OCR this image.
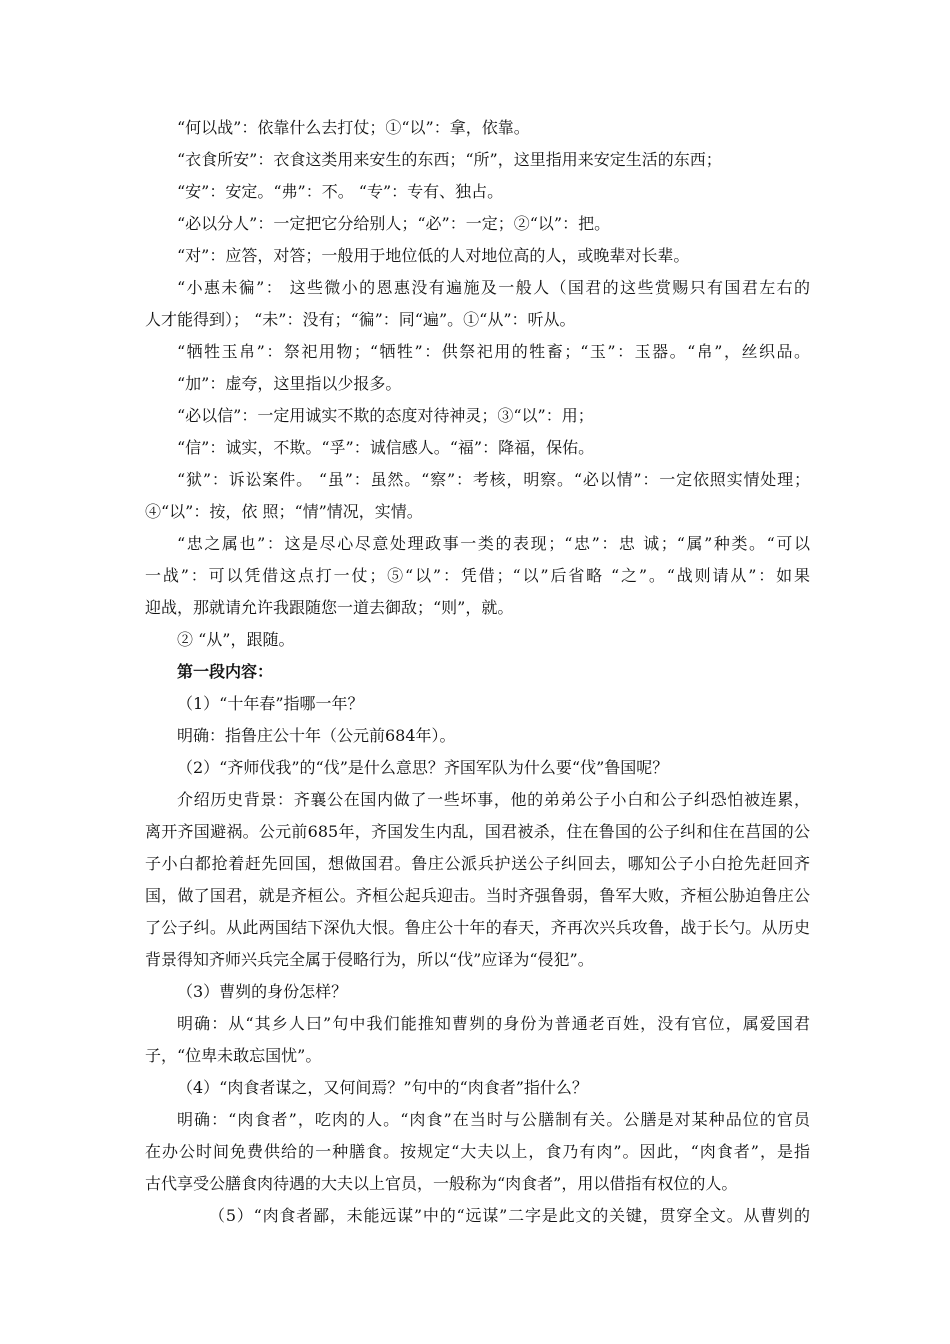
“何以战”：依靠什么去打仗；①“以”：拿，依靠。
“衣食所安”：衣食这类用来安生的东西；“所”，这里指用来安定生活的东西；
“安”：安定。“弗”：不。 “专”：专有、独占。
“必以分人”：一定把它分给别人；“必”：一定；②“以”：把。
“对”：应答，对答；一般用于地位低的人对地位高的人，或晚辈对长辈。
“小惠未徧”： 这些微小的恩惠没有遍施及一般人（国君的这些赏赐只有国君左右的
人才能得到）； “未”：没有；“徧”：同“遍”。①“从”：听从。
“牺牲玉帛”：祭祀用物；“牺牲”：供祭祀用的牲畜；“玉”：玉器。“帛”，丝织品。
“加”：虚夸，这里指以少报多。
“必以信”：一定用诚实不欺的态度对待神灵；③“以”：用；
“信”：诚实，不欺。“孚”：诚信感人。“福”：降福，保佑。
“狱”：诉讼案件。 “虽”：虽然。“察”：考核，明察。“必以情”：一定依照实情处理；
④“以”：按，依 照；“情”情况，实情。
“忠之属也”：这是尽心尽意处理政事一类的表现；“忠”：忠 诚；“属”种类。“可以
一战”：可以凭借这点打一仗；⑤“以”：凭借；“以”后省略 “之”。“战则请从”：如果
迎战，那就请允许我跟随您一道去御敌；“则”，就。
② “从”，跟随。
第一段内容：
（1）“十年春”指哪一年？
明确：指鲁庄公十年（公元前684年）。
（2）“齐师伐我”的“伐”是什么意思？齐国军队为什么要“伐”鲁国呢？
介绍历史背景：齐襄公在国内做了一些坏事，他的弟弟公子小白和公子纠恐怕被连累，
离开齐国避祸。公元前685年，齐国发生内乱，国君被杀，住在鲁国的公子纠和住在莒国的公
子小白都抢着赶先回国，想做国君。鲁庄公派兵护送公子纠回去，哪知公子小白抢先赶回齐
国，做了国君，就是齐桓公。齐桓公起兵迎击。当时齐强鲁弱，鲁军大败，齐桓公胁迫鲁庄公
了公子纠。从此两国结下深仇大恨。鲁庄公十年的春天，齐再次兴兵攻鲁，战于长勺。从历史
背景得知齐师兴兵完全属于侵略行为，所以“伐”应译为“侵犯”。
（3）曹刿的身份怎样？
明确：从“其乡人曰”句中我们能推知曹刿的身份为普通老百姓，没有官位，属爱国君
子，“位卑未敢忘国忧”。
（4）“肉食者谋之，又何间焉？”句中的“肉食者”指什么？
明确：“肉食者”，吃肉的人。“肉食”在当时与公膳制有关。公膳是对某种品位的官员
在办公时间免费供给的一种膳食。按规定“大夫以上，食乃有肉”。因此，“肉食者”，是指
古代享受公膳食肉待遇的大夫以上官员，一般称为“肉食者”，用以借指有权位的人。
（5）“肉食者鄙，未能远谋”中的“远谋”二字是此文的关键，贯穿全文。从曹刿的
